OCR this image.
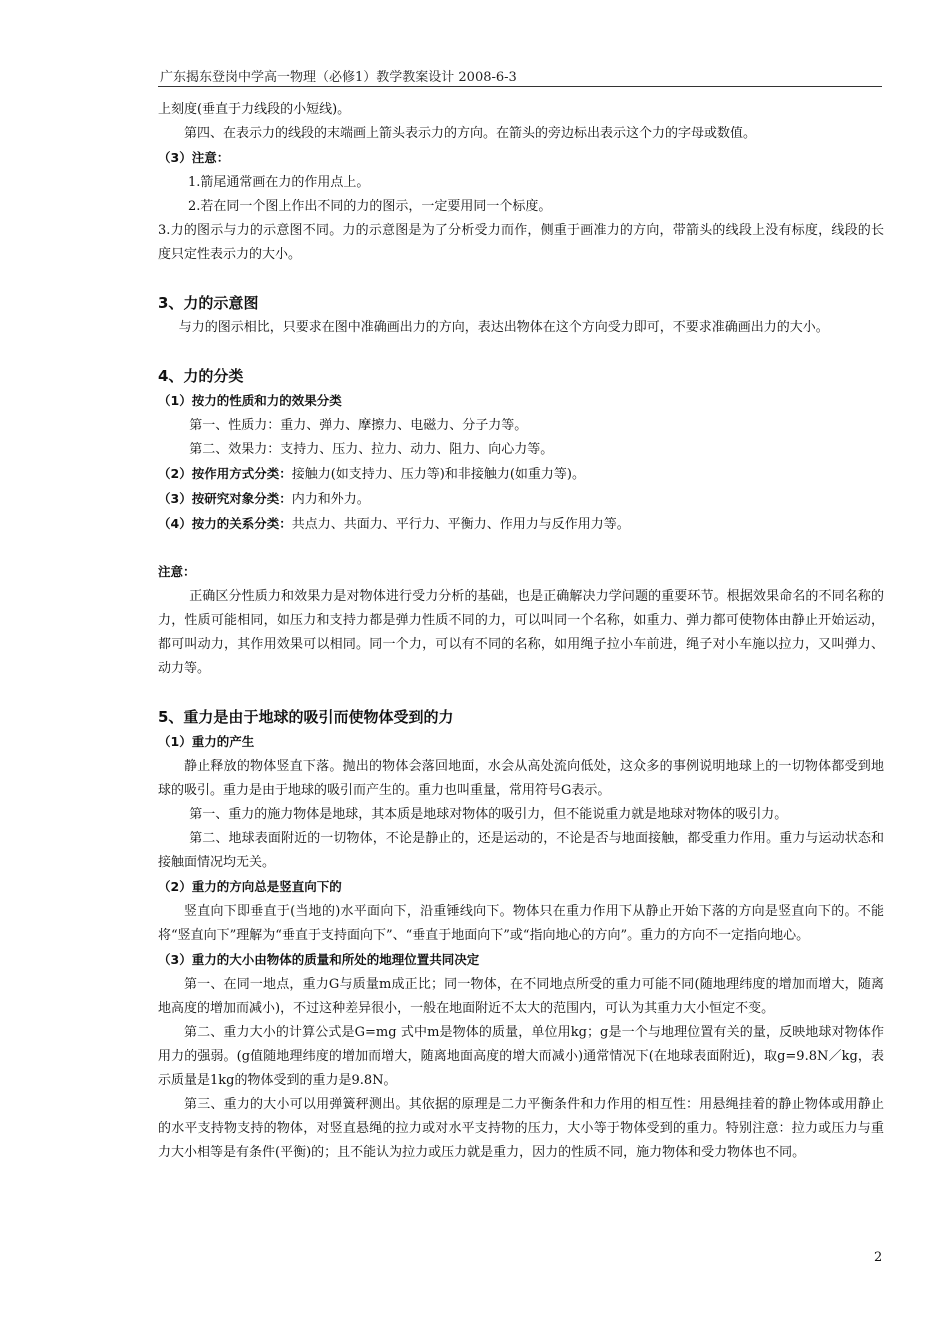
广东揭东登岗中学高一物理（必修1）教学教案设计 2008-6-3

上刻度(垂直于力线段的小短线)。

第四、在表示力的线段的末端画上箭头表示力的方向。在箭头的旁边标出表示这个力的字母或数值。

（3）注意：

1.箭尾通常画在力的作用点上。

2.若在同一个图上作出不同的力的图示，一定要用同一个标度。

3.力的图示与力的示意图不同。力的示意图是为了分析受力而作，侧重于画准力的方向，带箭头的线段上没有标度，线段的长度只定性表示力的大小。

3、力的示意图

与力的图示相比，只要求在图中准确画出力的方向，表达出物体在这个方向受力即可，不要求准确画出力的大小。

4、力的分类

（1）按力的性质和力的效果分类

第一、性质力：重力、弹力、摩擦力、电磁力、分子力等。

第二、效果力：支持力、压力、拉力、动力、阻力、向心力等。

（2）按作用方式分类：接触力(如支持力、压力等)和非接触力(如重力等)。

（3）按研究对象分类：内力和外力。

（4）按力的关系分类：共点力、共面力、平行力、平衡力、作用力与反作用力等。

注意：

正确区分性质力和效果力是对物体进行受力分析的基础，也是正确解决力学问题的重要环节。根据效果命名的不同名称的力，性质可能相同，如压力和支持力都是弹力性质不同的力，可以叫同一个名称，如重力、弹力都可使物体由静止开始运动，都可叫动力，其作用效果可以相同。同一个力，可以有不同的名称，如用绳子拉小车前进，绳子对小车施以拉力，又叫弹力、动力等。

5、重力是由于地球的吸引而使物体受到的力

（1）重力的产生

静止释放的物体竖直下落。抛出的物体会落回地面，水会从高处流向低处，这众多的事例说明地球上的一切物体都受到地球的吸引。重力是由于地球的吸引而产生的。重力也叫重量，常用符号G表示。

第一、重力的施力物体是地球，其本质是地球对物体的吸引力，但不能说重力就是地球对物体的吸引力。

第二、地球表面附近的一切物体，不论是静止的，还是运动的，不论是否与地面接触，都受重力作用。重力与运动状态和接触面情况均无关。

（2）重力的方向总是竖直向下的

竖直向下即垂直于(当地的)水平面向下，沿重锤线向下。物体只在重力作用下从静止开始下落的方向是竖直向下的。不能将“竖直向下”理解为“垂直于支持面向下”、“垂直于地面向下”或“指向地心的方向”。重力的方向不一定指向地心。

（3）重力的大小由物体的质量和所处的地理位置共同决定

第一、在同一地点，重力G与质量m成正比；同一物体，在不同地点所受的重力可能不同(随地理纬度的增加而增大，随离地高度的增加而减小)，不过这种差异很小，一般在地面附近不太大的范围内，可认为其重力大小恒定不变。

第二、重力大小的计算公式是G=mg 式中m是物体的质量，单位用kg；g是一个与地理位置有关的量，反映地球对物体作用力的强弱。(g值随地理纬度的增加而增大，随离地面高度的增大而减小)通常情况下(在地球表面附近)，取g=9.8N／kg，表示质量是1kg的物体受到的重力是9.8N。

第三、重力的大小可以用弹簧秤测出。其依据的原理是二力平衡条件和力作用的相互性：用悬绳挂着的静止物体或用静止的水平支持物支持的物体，对竖直悬绳的拉力或对水平支持物的压力，大小等于物体受到的重力。特别注意：拉力或压力与重力大小相等是有条件(平衡)的；且不能认为拉力或压力就是重力，因力的性质不同，施力物体和受力物体也不同。

2
